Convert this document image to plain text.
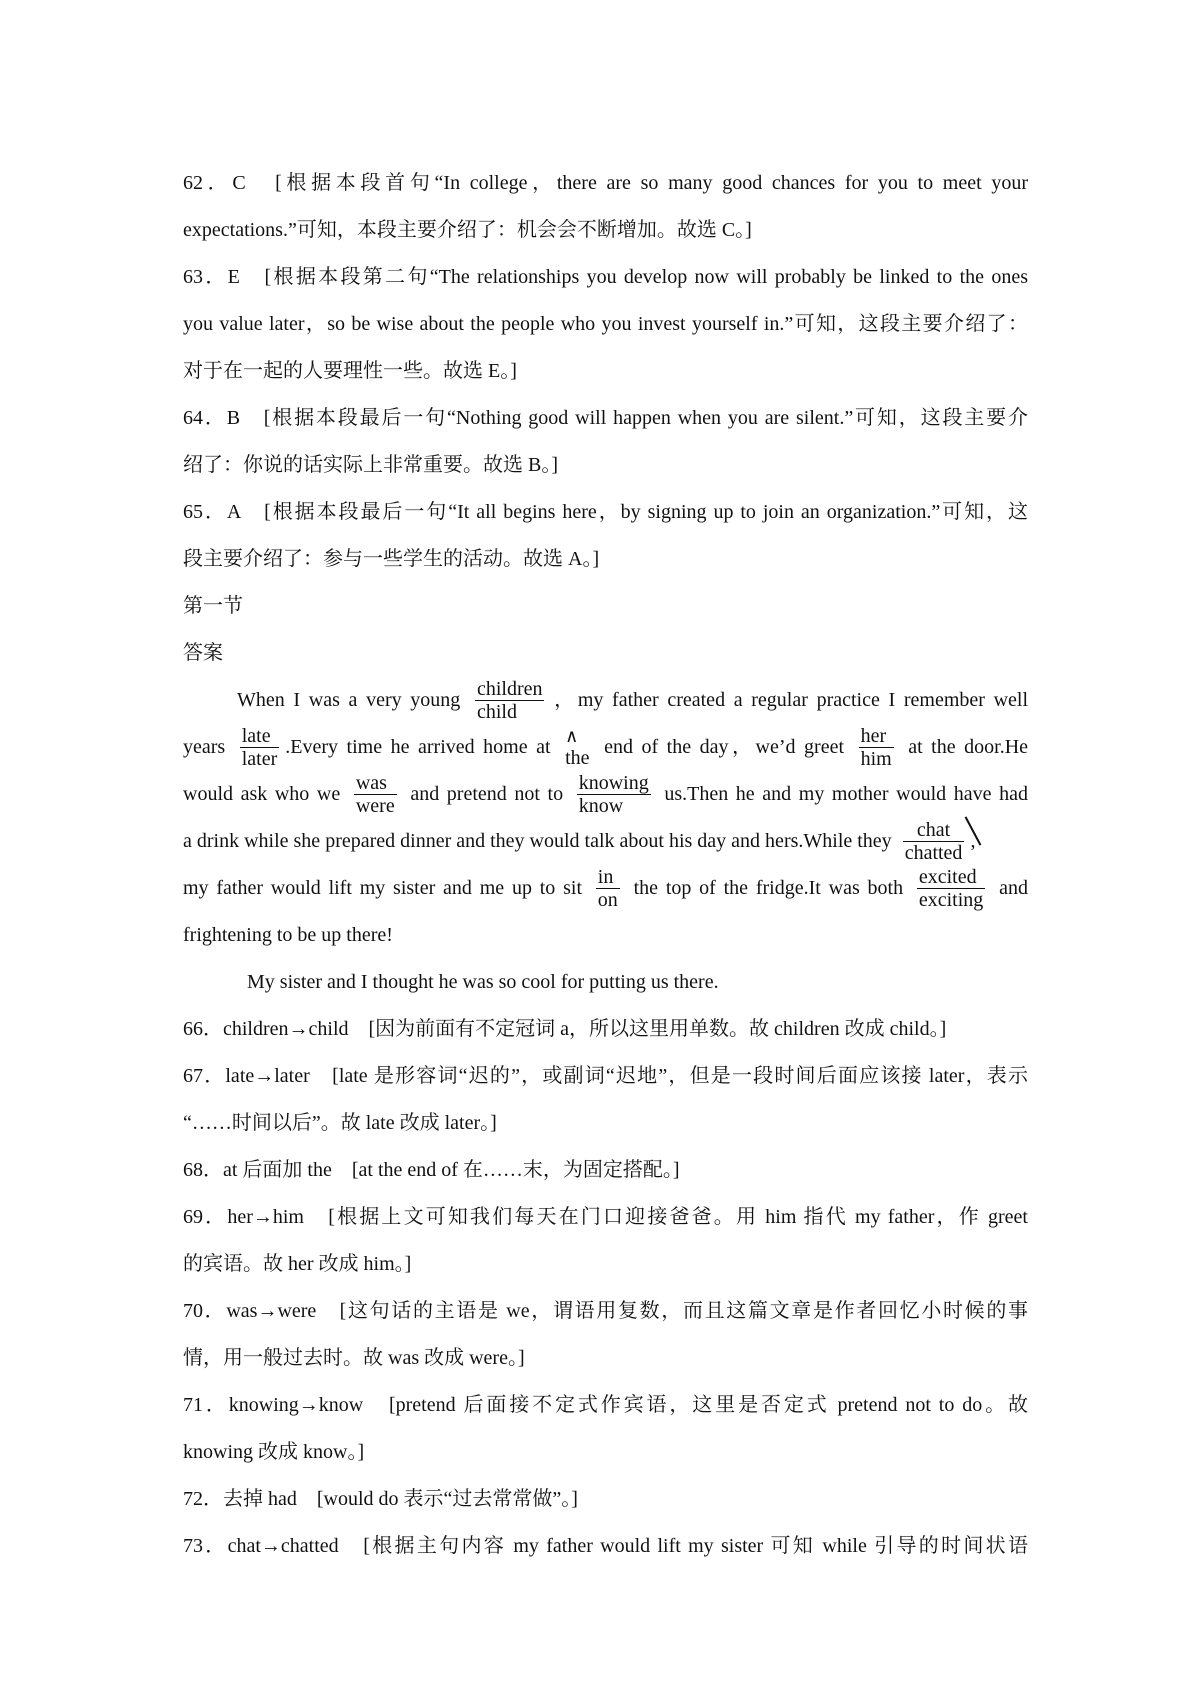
62．C　[根据本段首句“In college，there are so many good chances for you to meet your
expectations.”可知，本段主要介绍了：机会会不断增加。故选 C。]
63．E　[根据本段第二句“The relationships you develop now will probably be linked to the ones
you value later，so be wise about the people who you invest yourself in.”可知，这段主要介绍了：
对于在一起的人要理性一些。故选 E。]
64．B　[根据本段最后一句“Nothing good will happen when you are silent.”可知，这段主要介
绍了：你说的话实际上非常重要。故选 B。]
65．A　[根据本段最后一句“It all begins here，by signing up to join an organization.”可知，这
段主要介绍了：参与一些学生的活动。故选 A。]
第一节
答案
When I was a very young
children
child
，my father created a regular practice I remember well
years
late
later
.Every time he arrived home at ∧
the
end of the day，we’d greet
her
him
at the door.He
would ask who we
was
were
and pretend not to
knowing
know
us.Then he and my mother would have had
a drink while she prepared dinner and they would talk about his day and hers.While they
chat
chatted
,
my father would lift my sister and me up to sit $\frac{in}{on}$ the top of the fridge.It was both
excited
exciting
and
frightening to be up there!
My sister and I thought he was so cool for putting us there.
66．children→child　[因为前面有不定冠词 a，所以这里用单数。故 children 改成 child。]
67．late→later　[late 是形容词“迟的”，或副词“迟地”，但是一段时间后面应该接 later，表示
“……时间以后”。故 late 改成 later。]
68．at 后面加 the　[at the end of 在……末，为固定搭配。]
69．her→him　[根据上文可知我们每天在门口迎接爸爸。用 him 指代 my father，作 greet
的宾语。故 her 改成 him。]
70．was→were　[这句话的主语是 we，谓语用复数，而且这篇文章是作者回忆小时候的事
情，用一般过去时。故 was 改成 were。]
71．knowing→know　[pretend 后面接不定式作宾语，这里是否定式 pretend not to do。故
knowing 改成 know。]
72．去掉 had　[would do 表示“过去常常做”。]
73．chat→chatted　[根据主句内容 my father would lift my sister 可知 while 引导的时间状语
